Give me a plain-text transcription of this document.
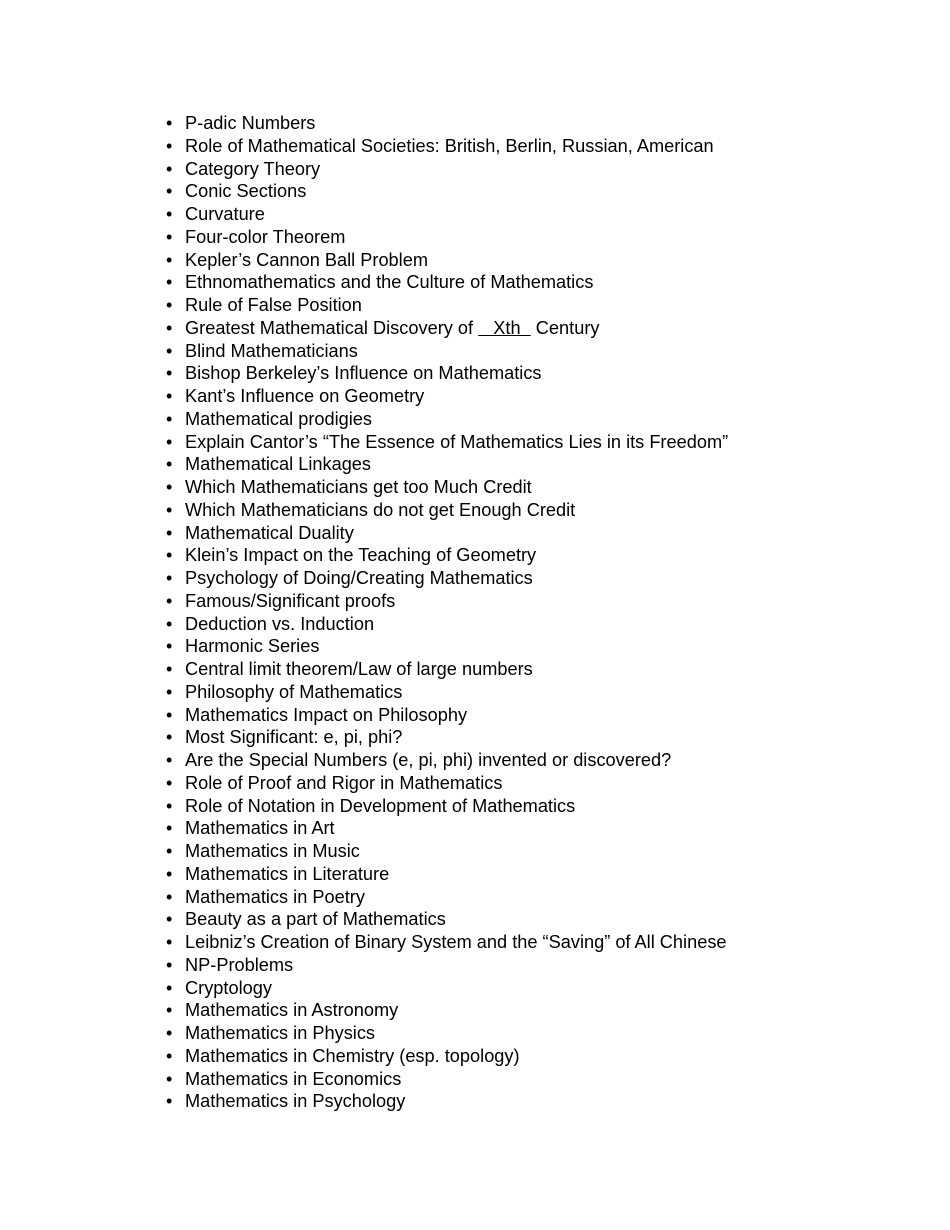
• P-adic Numbers
• Role of Mathematical Societies: British, Berlin, Russian, American
• Category Theory
• Conic Sections
• Curvature
• Four-color Theorem
• Kepler’s Cannon Ball Problem
• Ethnomathematics and the Culture of Mathematics
• Rule of False Position
• Greatest Mathematical Discovery of    Xth   Century
• Blind Mathematicians
• Bishop Berkeley’s Influence on Mathematics
• Kant’s Influence on Geometry
• Mathematical prodigies
• Explain Cantor’s “The Essence of Mathematics Lies in its Freedom”
• Mathematical Linkages
• Which Mathematicians get too Much Credit
• Which Mathematicians do not get Enough Credit
• Mathematical Duality
• Klein’s Impact on the Teaching of Geometry
• Psychology of Doing/Creating Mathematics
• Famous/Significant proofs
• Deduction vs. Induction
• Harmonic Series
• Central limit theorem/Law of large numbers
• Philosophy of Mathematics
• Mathematics Impact on Philosophy
• Most Significant: e, pi, phi?
• Are the Special Numbers (e, pi, phi) invented or discovered?
• Role of Proof and Rigor in Mathematics
• Role of Notation in Development of Mathematics
• Mathematics in Art
• Mathematics in Music
• Mathematics in Literature
• Mathematics in Poetry
• Beauty as a part of Mathematics
• Leibniz’s Creation of Binary System and the “Saving” of All Chinese
• NP-Problems
• Cryptology
• Mathematics in Astronomy
• Mathematics in Physics
• Mathematics in Chemistry (esp. topology)
• Mathematics in Economics
• Mathematics in Psychology
